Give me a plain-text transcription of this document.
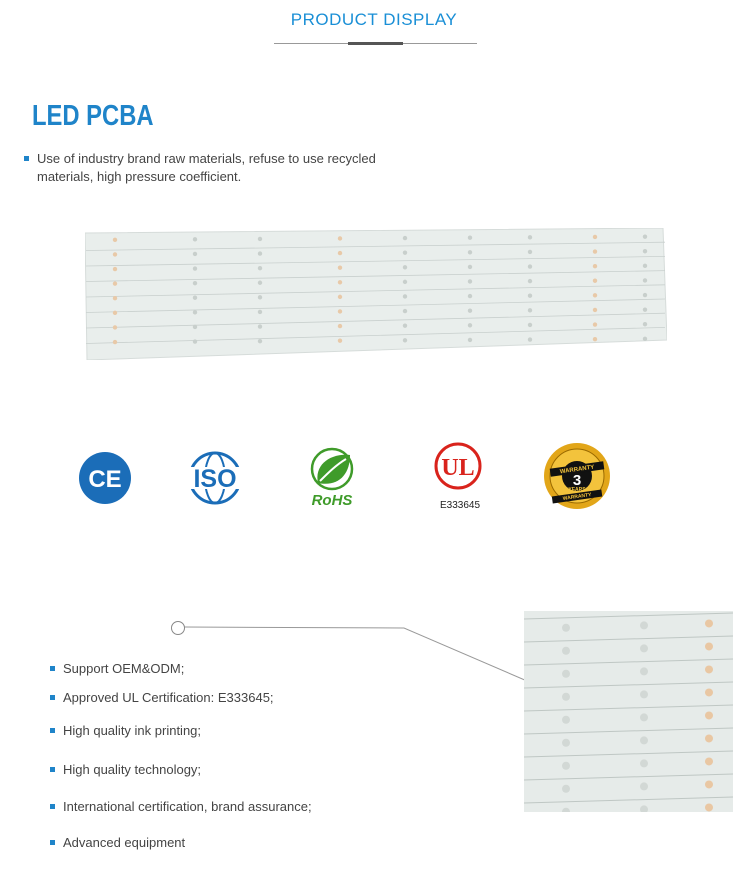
PRODUCT DISPLAY
LED PCBA
Use of industry brand raw materials, refuse to use recycled
materials, high pressure coefficient.
CE	ISO
RoHS
UL
E333645
WARRANTY
3
YEARS
WARRANTY
Support OEM&ODM;
Approved UL Certification: E333645;
High quality ink printing;
High quality technology;
International certification, brand assurance;
Advanced equipment
